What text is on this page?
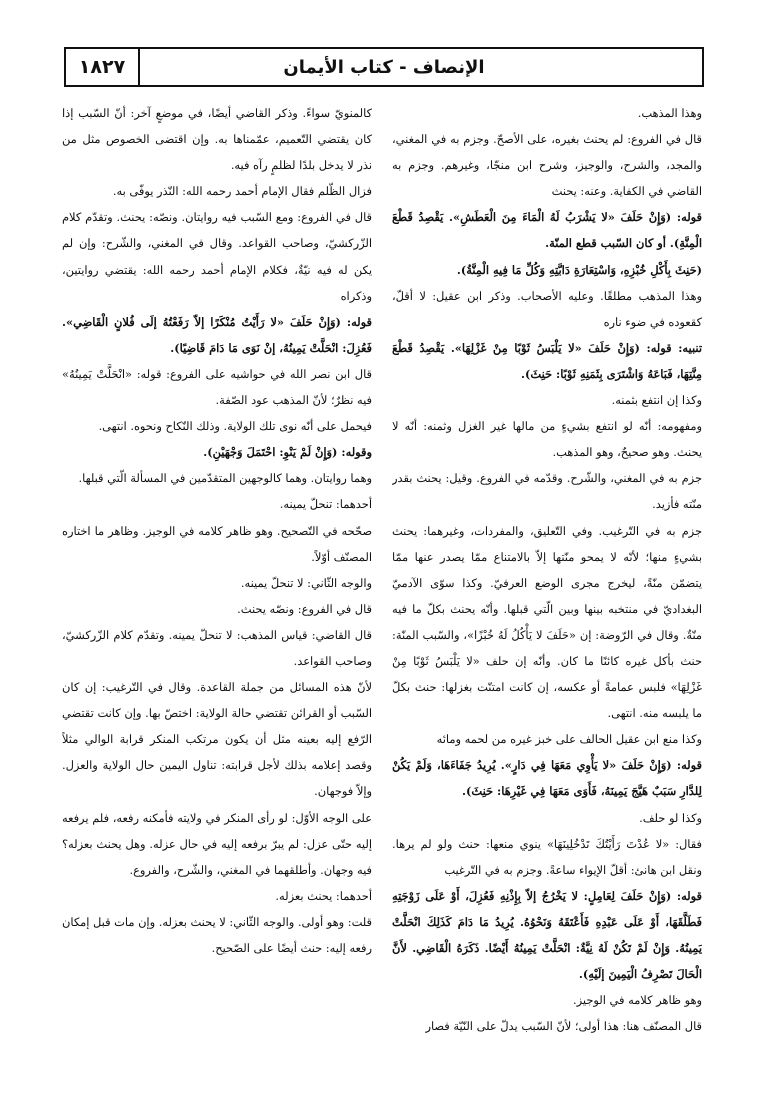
الإنصاف - كتاب الأيمان
١٨٢٧

وهذا المذهب.

قال في الفروع: لم يحنث بغيره، على الأصحّ. وجزم به في المغني، والمجد، والشرح، والوجيز، وشرح ابن منجّا، وغيرهم. وجزم به القاضي في الكفاية. وعنه: يحنث

قوله: (وَإِنْ حَلَفَ «لا يَشْرَبُ لَهُ الْمَاءَ مِنَ الْعَطَشِ». يَقْصِدُ قَطْعَ الْمِنَّةِ). أو كان السّبب قطع المنّة.

(حَنِثَ بِأَكْلِ خُبْزِهِ، وَاسْتِعَارَةِ دَابَّتِهِ وَكُلِّ مَا فِيهِ الْمِنَّةُ).

وهذا المذهب مطلقًا. وعليه الأصحاب. وذكر ابن عقيل: لا أقلّ، كقعوده في ضوء ناره

تنبيه: قوله: (وَإِنْ حَلَفَ «لا يَلْبَسُ ثَوْبًا مِنْ غَزْلِهَا». يَقْصِدُ قَطْعَ مِنَّتِهَا، فَبَاعَهُ وَاشْتَرَى بِثَمَنِهِ ثَوْبًا: حَنِثَ).

وكذا إن انتفع بثمنه.

ومفهومه: أنّه لو انتفع بشيءٍ من مالها غير الغزل وثمنه: أنّه لا يحنث. وهو صحيحٌ، وهو المذهب.

جزم به في المغني، والشّرح. وقدّمه في الفروع. وقيل: يحنث بقدر منّته فأزيد.

جزم به في التّرغيب. وفي التّعليق، والمفردات، وغيرهما: يحنث بشيءٍ منها؛ لأنّه لا يمحو منّتها إلاّ بالامتناع ممّا يصدر عنها ممّا يتضمّن منّةً، ليخرج مجرى الوضع العرفيّ. وكذا سوّى الآدميّ البغداديّ في منتخبه بينها وبين الّتي قبلها. وأنّه يحنث بكلّ ما فيه منّةٌ. وقال في الرّوضة: إن «حَلَفَ لا يَأْكُلُ لَهُ خُبْزًا»، والسّبب المنّة: حنث بأكل غيره كائنًا ما كان. وأنّه إن حلف «لا يَلْبَسُ ثَوْبًا مِنْ غَزْلِهَا» فلبس عمامةً أو عكسه، إن كانت امتنّت بغزلها: حنث بكلّ ما يلبسه منه. انتهى.

وكذا منع ابن عقيل الحالف على خبز غيره من لحمه ومائه

قوله: (وَإِنْ حَلَفَ «لا يَأْوِي مَعَهَا فِي دَارٍ». يُرِيدُ جَفَاءَهَا، وَلَمْ يَكُنْ لِلدَّارِ سَبَبٌ هَيَّجَ يَمِينَهُ، فَأَوَى مَعَهَا فِي غَيْرِهَا: حَنِثَ).

وكذا لو حلف.

فقال: «لا عُدْتَ رَأَيْتُكَ تَدْخُلِينَهَا» ينوي منعها: حنث ولو لم يرها. ونقل ابن هانئ: أقلّ الإيواء ساعةً. وجزم به في التّرغيب

قوله: (وَإِنْ حَلَفَ لِعَامِلٍ: لا يَخْرُجُ إلاّ بِإِذْنِهِ فَعُزِلَ، أَوْ عَلَى زَوْجَتِهِ فَطَلَّقَهَا، أَوْ عَلَى عَبْدِهِ فَأَعْتَقَهُ وَنَحْوُهُ. يُرِيدُ مَا دَامَ كَذَلِكَ انْحَلَّتْ يَمِينُهُ. وَإِنْ لَمْ تَكُنْ لَهُ نِيَّةٌ: انْحَلَّتْ يَمِينُهُ أَيْضًا. ذَكَرَهُ الْقَاضِي. لأَنَّ الْحَالَ تَصْرِفُ الْيَمِينَ إلَيْهِ).

وهو ظاهر كلامه في الوجيز.

قال المصنّف هنا: هذا أولى؛ لأنّ السّبب يدلّ على النّيّة فصار

كالمنويّ سواءً. وذكر القاضي أيضًا، في موضعٍ آخر: أنّ السّبب إذا كان يقتضي التّعميم، عمّمناها به. وإن اقتضى الخصوص مثل من نذر لا يدخل بلدًا لظلمٍ رآه فيه.

فزال الظّلم فقال الإمام أحمد رحمه الله: النّذر يوفّى به.

قال في الفروع: ومع السّبب فيه روايتان. ونصّه: يحنث. وتقدّم كلام الزّركشيّ، وصاحب القواعد. وقال في المغني، والشّرح: وإن لم يكن له فيه نيّةٌ، فكلام الإمام أحمد رحمه الله: يقتضي روايتين، وذكراه

قوله: (وَإِنْ حَلَفَ «لا رَأَيْتُ مُنْكَرًا إلاّ رَفَعْتُهُ إلَى فُلانٍ الْقَاضِي». فَعُزِلَ: انْحَلَّتْ يَمِينُهُ، إنْ نَوَى مَا دَامَ قَاضِيًا).

قال ابن نصر الله في حواشيه على الفروع: قوله: «انْحَلَّتْ يَمِينُهُ» فيه نظرٌ؛ لأنّ المذهب عود الصّفة.

فيحمل على أنّه نوى تلك الولاية. وذلك النّكاح ونحوه. انتهى.

وقوله: (وَإِنْ لَمْ يَنْوِ: احْتَمَلَ وَجْهَيْنِ).

وهما روايتان. وهما كالوجهين المتقدّمين في المسألة الّتي قبلها.

أحدهما: تنحلّ يمينه.

صحّحه في التّصحيح. وهو ظاهر كلامه في الوجيز. وظاهر ما اختاره المصنّف أوّلاً.

والوجه الثّاني: لا تنحلّ يمينه.

قال في الفروع: ونصّه يحنث.

قال القاضي: قياس المذهب: لا تنحلّ يمينه. وتقدّم كلام الزّركشيّ، وصاحب القواعد.

لأنّ هذه المسائل من جملة القاعدة. وقال في التّرغيب: إن كان السّبب أو القرائن تقتضي حالة الولاية: اختصّ بها. وإن كانت تقتضي الرّفع إليه بعينه مثل أن يكون مرتكب المنكر قرابة الوالي مثلاً وقصد إعلامه بذلك لأجل قرابته: تناول اليمين حال الولاية والعزل. وإلاّ فوجهان.

على الوجه الأوّل: لو رأى المنكر في ولايته فأمكنه رفعه، فلم يرفعه إليه حتّى عزل: لم يبرّ برفعه إليه في حال عزله. وهل يحنث بعزله؟ فيه وجهان. وأطلقهما في المغني، والشّرح، والفروع.

أحدهما: يحنث بعزله.

قلت: وهو أولى. والوجه الثّاني: لا يحنث بعزله. وإن مات قبل إمكان رفعه إليه: حنث أيضًا على الصّحيح.
